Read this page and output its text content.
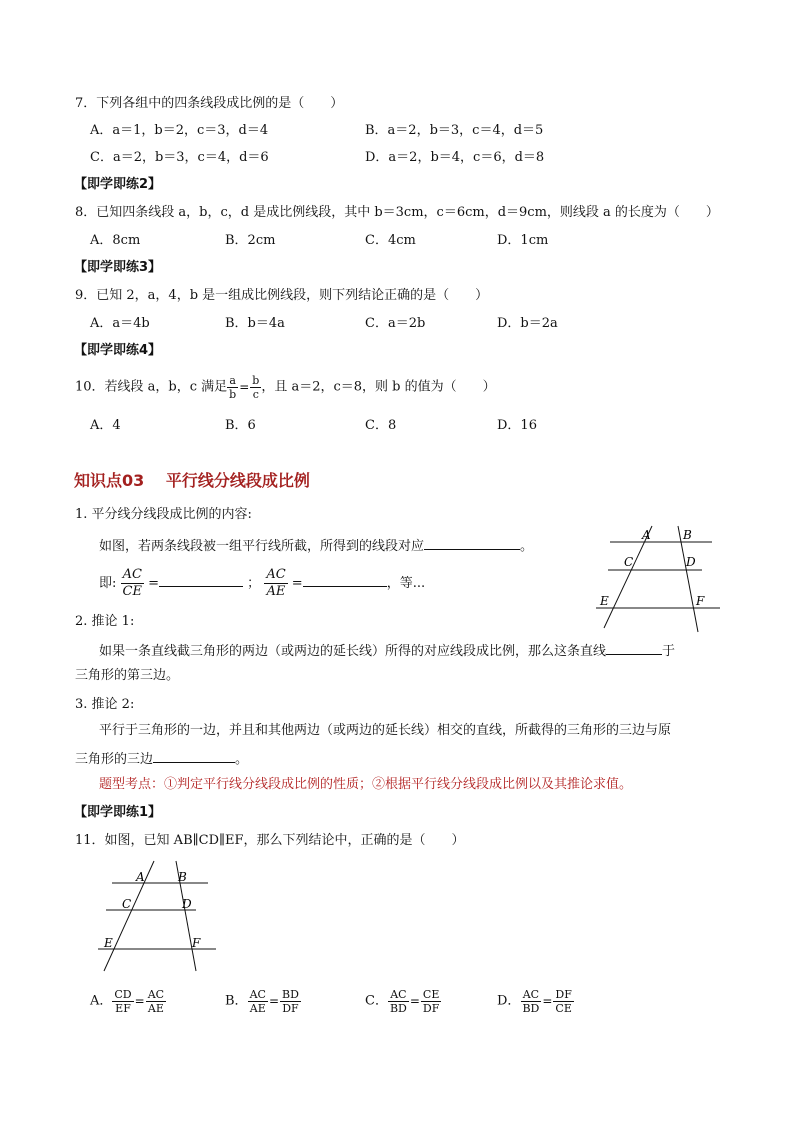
7．下列各组中的四条线段成比例的是（　　）
A．a＝1，b＝2，c＝3，d＝4	B．a＝2，b＝3，c＝4，d＝5
C．a＝2，b＝3，c＝4，d＝6	D．a＝2，b＝4，c＝6，d＝8
【即学即练2】
8．已知四条线段 a，b，c，d 是成比例线段，其中 b＝3cm，c＝6cm，d＝9cm，则线段 a 的长度为（　　）
A．8cm	B．2cm	C．4cm	D．1cm
【即学即练3】
9．已知 2，a，4，b 是一组成比例线段，则下列结论正确的是（　　）
A．a＝4b	B．b＝4a	C．a＝2b	D．b＝2a
【即学即练4】
10．若线段 a，b，c 满足 $\frac{a}{b} = \frac{b}{c}$ ，且 a＝2，c＝8，则 b 的值为（　　）
A．4	B．6	C．8	D．16
知识点03　 平行线分线段成比例
1. 平分线分线段成比例的内容:
如图，若两条线段被一组平行线所截，所得到的线段对应	。
即: $\frac{AC}{CE}$ =	； $\frac{AC}{AE}$ =	，等...
A	B
C	D
E	F
2. 推论 1:
如果一条直线截三角形的两边（或两边的延长线）所得的对应线段成比例，那么这条直线	于
三角形的第三边。
3. 推论 2:
平行于三角形的一边，并且和其他两边（或两边的延长线）相交的直线，所截得的三角形的三边与原
三角形的三边	。
题型考点：①判定平行线分线段成比例的性质；②根据平行线分线段成比例以及其推论求值。
【即学即练1】
11．如图，已知 AB∥CD∥EF，那么下列结论中，正确的是（　　）
A	B
C	D
E	F
A． $\frac{CD}{EF} = \frac{AC}{AE}$	B． $\frac{AC}{AE} = \frac{BD}{DF}$	C． $\frac{AC}{BD} = \frac{CE}{DF}$	D． $\frac{AC}{BD} = \frac{DF}{CE}$
